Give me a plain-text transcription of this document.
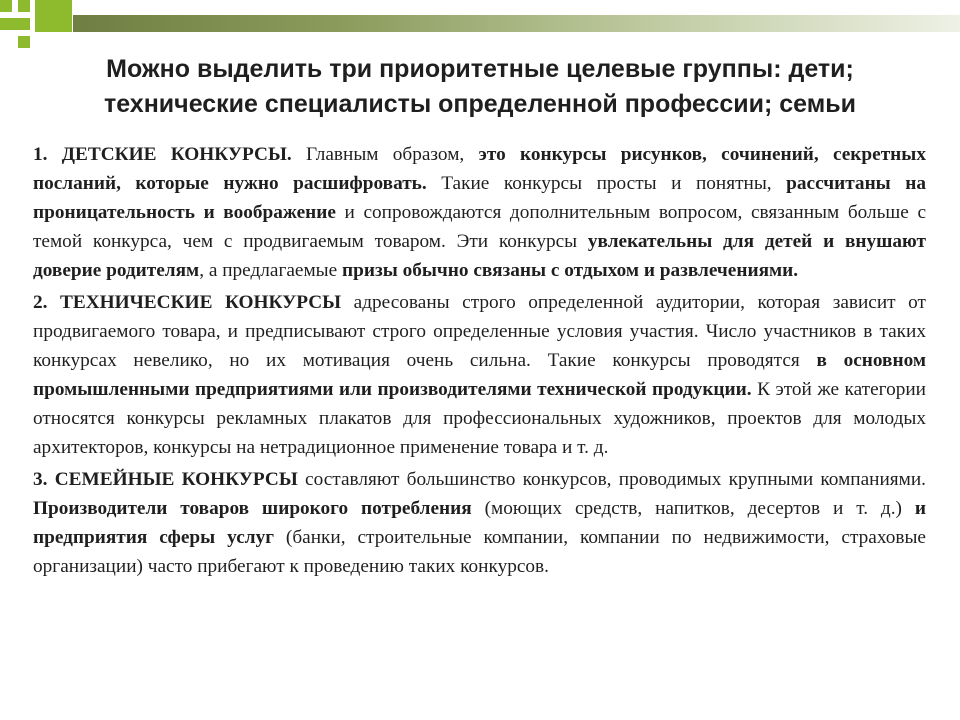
Можно выделить три приоритетные целевые группы: дети;
технические специалисты определенной профессии; семьи

1. ДЕТСКИЕ КОНКУРСЫ. Главным образом, это конкурсы рисунков, сочинений, секретных посланий, которые нужно расшифровать. Такие конкурсы просты и понятны, рассчитаны на проницательность и воображение и сопровождаются дополнительным вопросом, связанным больше с темой конкурса, чем с продвигаемым товаром. Эти конкурсы увлекательны для детей и внушают доверие родителям, а предлагаемые призы обычно связаны с отдыхом и развлечениями.

2. ТЕХНИЧЕСКИЕ КОНКУРСЫ адресованы строго определенной аудитории, которая зависит от продвигаемого товара, и предписывают строго определенные условия участия. Число участников в таких конкурсах невелико, но их мотивация очень сильна. Такие конкурсы проводятся в основном промышленными предприятиями или производителями технической продукции. К этой же категории относятся конкурсы рекламных плакатов для профессиональных художников, проектов для молодых архитекторов, конкурсы на нетрадиционное применение товара и т. д.

3. СЕМЕЙНЫЕ КОНКУРСЫ составляют большинство конкурсов, проводимых крупными компаниями. Производители товаров широкого потребления (моющих средств, напитков, десертов и т. д.) и предприятия сферы услуг (банки, строительные компании, компании по недвижимости, страховые организации) часто прибегают к проведению таких конкурсов.
